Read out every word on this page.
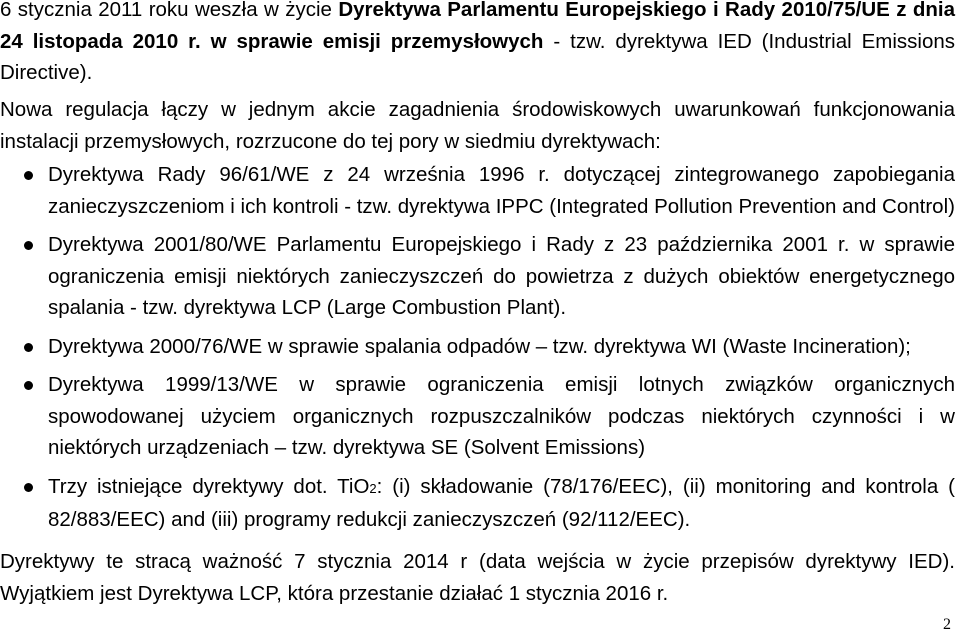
6 stycznia 2011 roku weszła w życie Dyrektywa Parlamentu Europejskiego i Rady 2010/75/UE z dnia 24 listopada 2010 r. w sprawie emisji przemysłowych - tzw. dyrektywa IED (Industrial Emissions Directive).

Nowa regulacja łączy w jednym akcie zagadnienia środowiskowych uwarunkowań funkcjonowania instalacji przemysłowych, rozrzucone do tej pory w siedmiu dyrektywach:

Dyrektywa Rady 96/61/WE z 24 września 1996 r. dotyczącej zintegrowanego zapobiegania zanieczyszczeniom i ich kontroli - tzw. dyrektywa IPPC (Integrated Pollution Prevention and Control)
Dyrektywa 2001/80/WE Parlamentu Europejskiego i Rady z 23 października 2001 r. w sprawie ograniczenia emisji niektórych zanieczyszczeń do powietrza z dużych obiektów energetycznego spalania - tzw. dyrektywa LCP (Large Combustion Plant).
Dyrektywa 2000/76/WE w sprawie spalania odpadów – tzw. dyrektywa WI (Waste Incineration);
Dyrektywa 1999/13/WE w sprawie ograniczenia emisji lotnych związków organicznych spowodowanej użyciem organicznych rozpuszczalników podczas niektórych czynności i w niektórych urządzeniach – tzw. dyrektywa SE (Solvent Emissions)
Trzy istniejące dyrektywy dot. TiO2: (i) składowanie (78/176/EEC), (ii) monitoring and kontrola ( 82/883/EEC) and (iii) programy redukcji zanieczyszczeń (92/112/EEC).

Dyrektywy te stracą ważność 7 stycznia 2014 r (data wejścia w życie przepisów dyrektywy IED). Wyjątkiem jest Dyrektywa LCP, która przestanie działać 1 stycznia 2016 r.

2
